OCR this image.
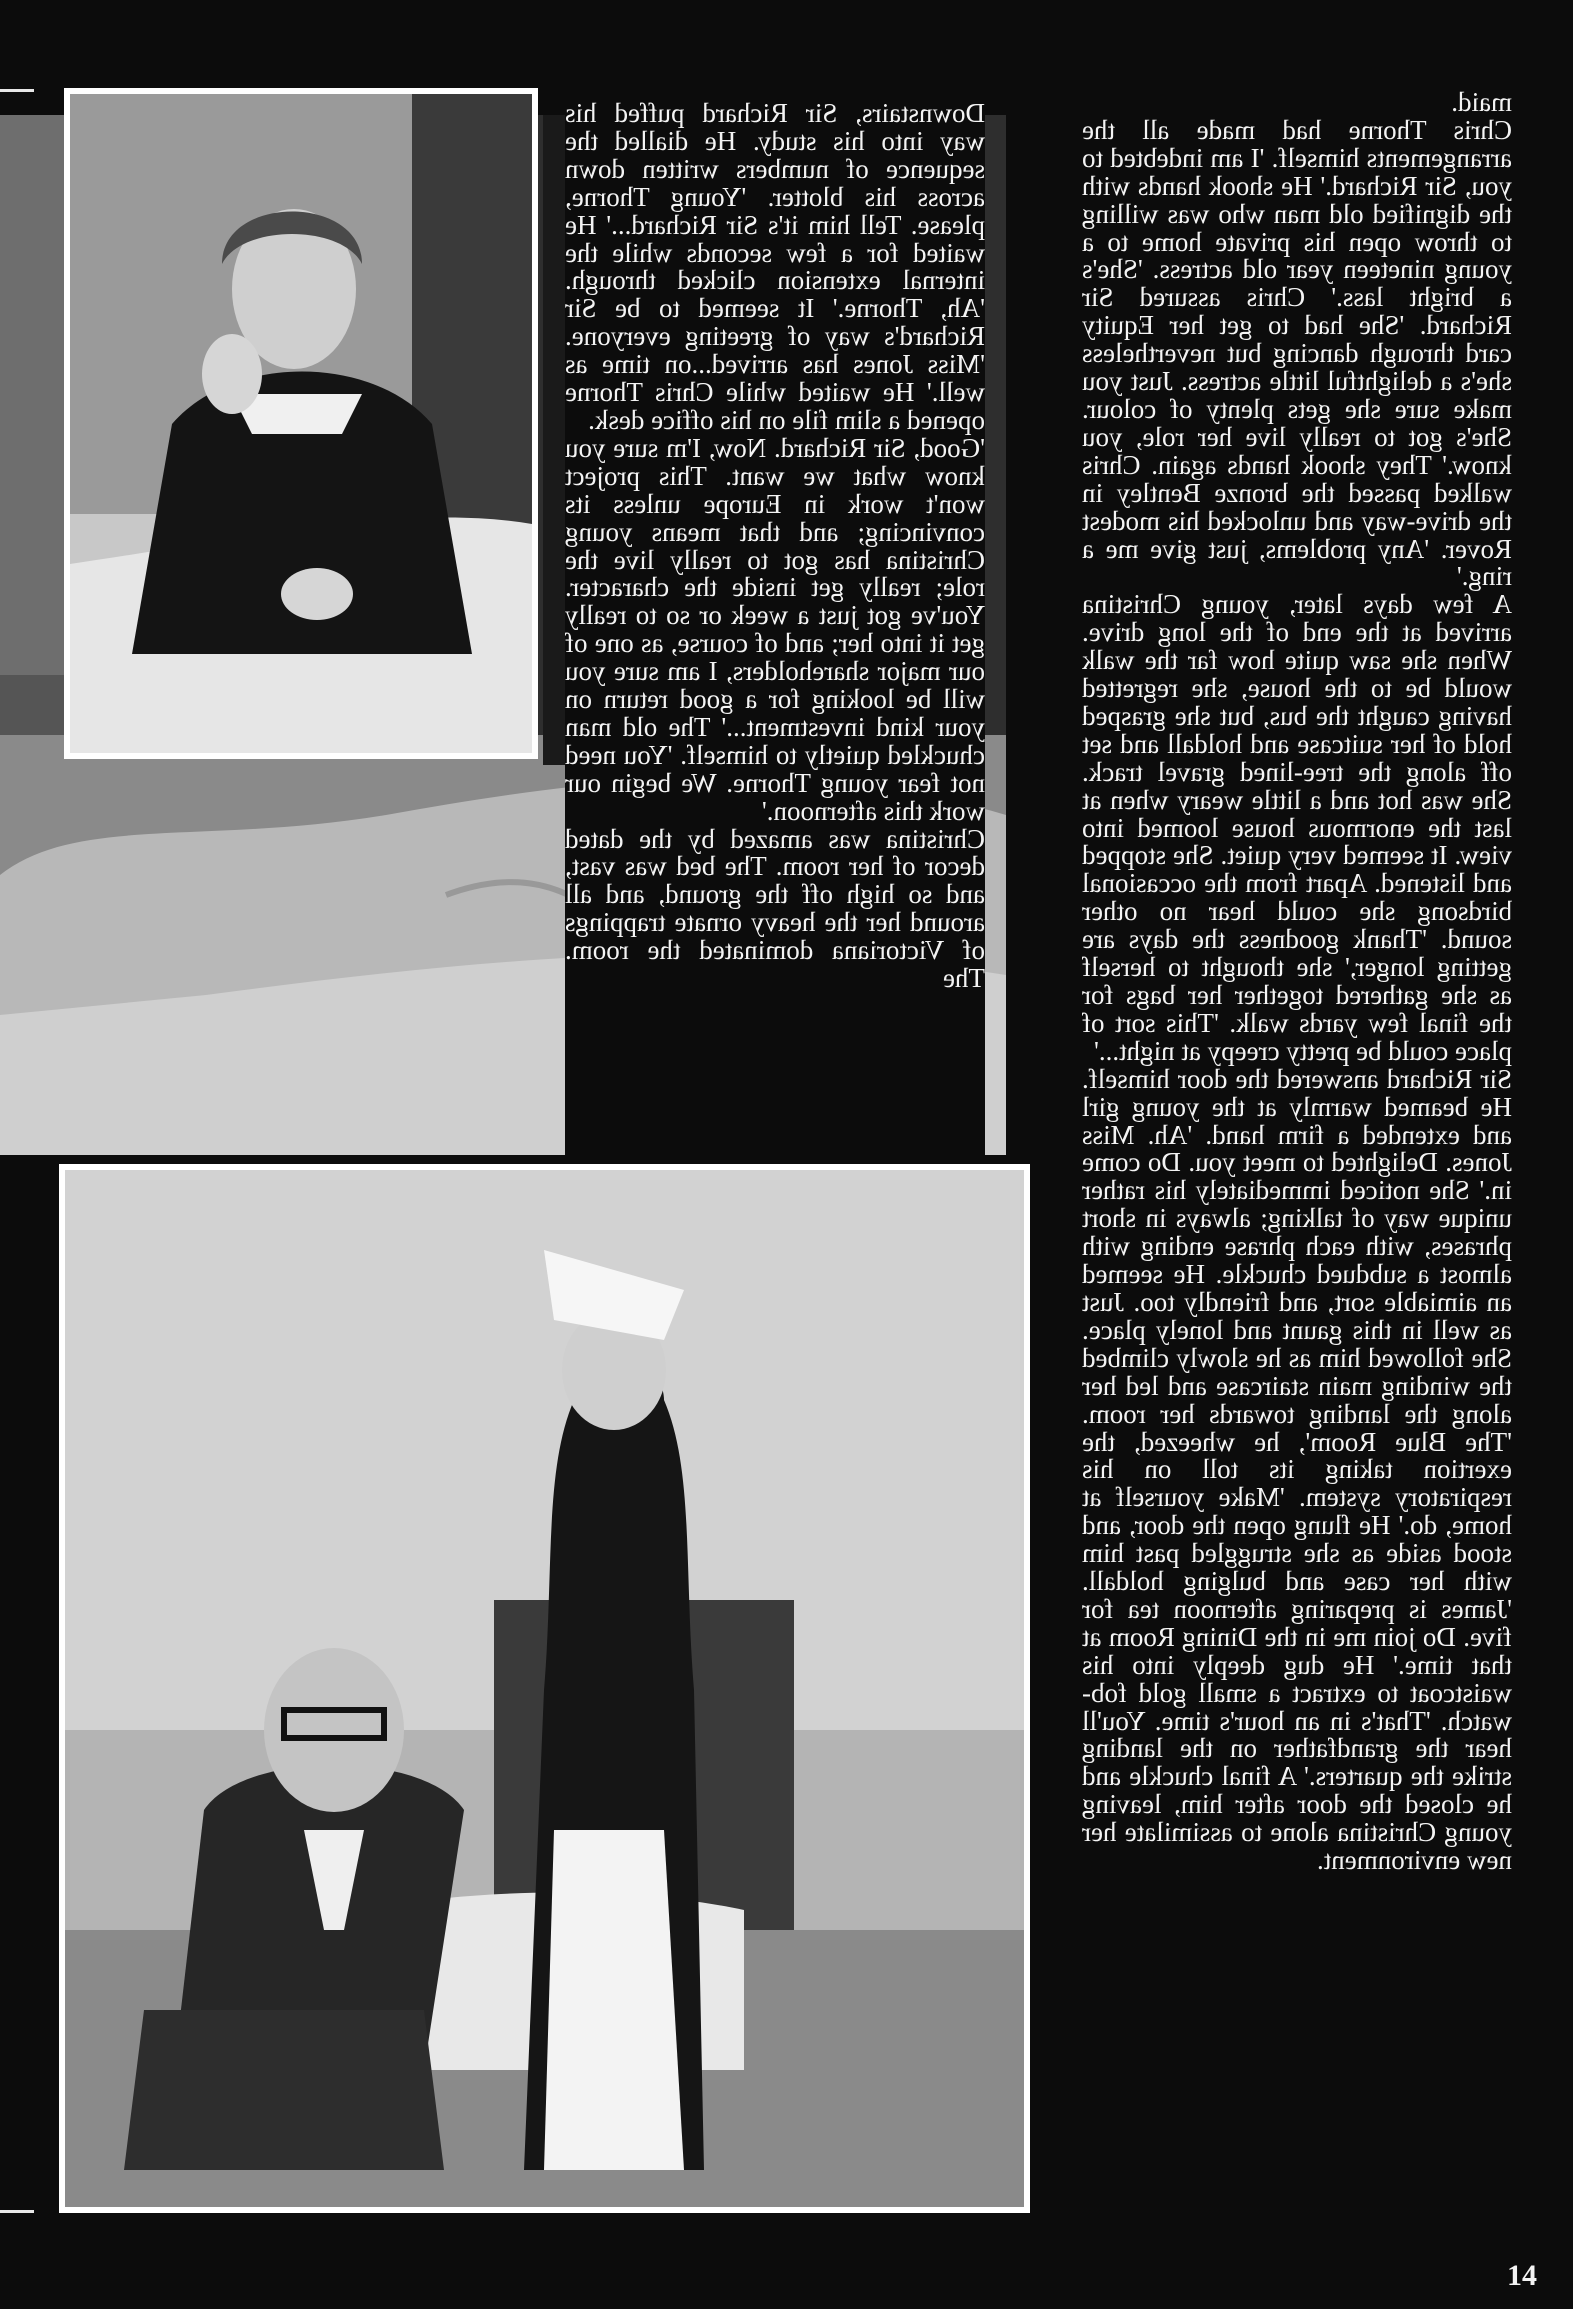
Downstairs, Sir Richard puffed his way into his study. He dialled the sequence of numbers written down across his blotter. 'Young Thorne, please. Tell him it's Sir Richard...' He waited for a few seconds while the internal extension clicked through. 'Ah, Thorne.' It seemed to be Sir Richard's way of greeting everyone. 'Miss Jones has arrived...on time as well.' He waited while Chris Thorne opened a slim file on his office desk.
'Good, Sir Richard. Now, I'm sure you know what we want. This project won't work in Europe unless its convincing; and that means young Christina has got to really live the role; really get inside the character. You've got just a week or so to really get it into her; and of course, as one of our major shareholders, I am sure you will be looking for a good return on your kind investment...' The old man chuckled quietly to himself. 'You need not fear young Thorne. We begin our work this afternoon.'
Christina was amazed by the dated decor of her room. The bed was vast, and so high off the ground, and all around her the heavy ornate trappings of Victoriana dominated the room. The
maid.
Chris Thorne had made all the arrangements himself. 'I am indebted to you, Sir Richard.' He shook hands with the dignified old man who was willing to throw open his private home to a young nineteen year old actress. 'She's a bright lass.' Chris assured Sir Richard. 'She had to get her Equity card through dancing but nevertheless she's a delightful little actress. Just you make sure she gets plenty of colour. She's got to really live her role, you know.' They shook hands again. Chris walked passed the bronze Bentley in the drive-way and unlocked his modest Rover. 'Any problems, just give me a ring.'
A few days later, young Christina arrived at the end of the long drive. When she saw quite how far the walk would be to the house, she regretted having caught the bus, but she grasped hold of her suitcase and holdall and set off along the tree-lined gravel track. She was hot and a little weary when at last the enormous house loomed into view. It seemed very quiet. She stopped and listened. Apart from the occasional birdsong she could hear no other sound. 'Thank goodness the days are getting longer,' she thought to herself as she gathered together her bags for the final few yards walk. 'This sort of place could be pretty creepy at night...'
Sir Richard answered the door himself. He beamed warmly at the young girl and extended a firm hand. 'Ah. Miss Jones. Delighted to meet you. Do come in.' She noticed immediately his rather unique way of talking; always in short phrases, with each phrase ending with almost a subdued chuckle. He seemed an aimiable sort, and friendly too. Just as well in this gaunt and lonely place. She followed him as he slowly climbed the winding main staircase and led her along the landing towards her room. 'The Blue Room', he wheezed, the exertion taking its toll on his respiratory system. 'Make yourself at home, do.' He flung open the door, and stood aside as she struggled past him with her case and bulging holdall. 'James is preparing afternoon tea for five. Do join me in the Dining Room at that time.' He dug deeply into his waistcoat to extract a small gold fob-watch. 'That's in an hour's time. You'll hear the grandfather on the landing strike the quarters.' A final chuckle and he closed the door after him, leaving young Christina alone to assimilate her new environment.
14
